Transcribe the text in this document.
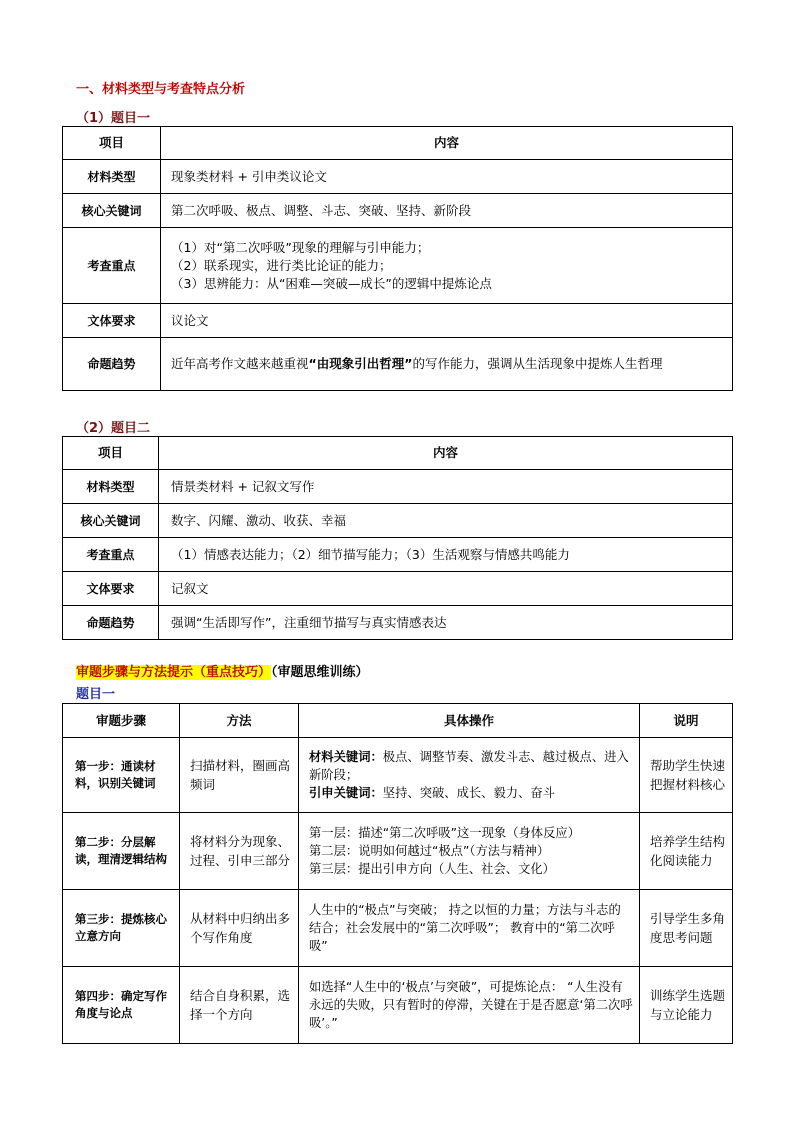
一、材料类型与考查特点分析
（1）题目一
项目	内容
材料类型	现象类材料 + 引申类议论文
核心关键词	第二次呼吸、极点、调整、斗志、突破、坚持、新阶段
考查重点	（1）对“第二次呼吸”现象的理解与引申能力；
（2）联系现实，进行类比论证的能力；
（3）思辨能力：从“困难—突破—成长”的逻辑中提炼论点

文体要求	议论文
命题趋势	近年高考作文越来越重视“由现象引出哲理”的写作能力，强调从生活现象中提炼人生哲理
（2）题目二
项目	内容
材料类型	情景类材料 + 记叙文写作
核心关键词	数字、闪耀、激动、收获、幸福
考查重点	（1）情感表达能力；（2）细节描写能力；（3）生活观察与情感共鸣能力
文体要求	记叙文
命题趋势	强调“生活即写作”，注重细节描写与真实情感表达
审题步骤与方法提示（重点技巧）（审题思维训练）
题目一
审题步骤	方法	具体操作	说明
第一步：通读材料，识别关键词	扫描材料，圈画高频词	材料关键词：极点、调整节奏、激发斗志、越过极点、进入新阶段；
引申关键词：坚持、突破、成长、毅力、奋斗	帮助学生快速把握材料核心
第二步：分层解读，理清逻辑结构	将材料分为现象、过程、引申三部分	第一层：描述“第二次呼吸”这一现象（身体反应）
第二层：说明如何越过“极点”（方法与精神）
第三层：提出引申方向（人生、社会、文化）	培养学生结构化阅读能力
第三步：提炼核心立意方向	从材料中归纳出多个写作角度	人生中的“极点”与突破； 持之以恒的力量；方法与斗志的结合；社会发展中的“第二次呼吸”； 教育中的“第二次呼吸”	引导学生多角度思考问题
第四步：确定写作角度与论点	结合自身积累，选择一个方向	如选择“人生中的‘极点’与突破”，可提炼论点： “人生没有永远的失败，只有暂时的停滞，关键在于是否愿意‘第二次呼吸’。”	训练学生选题与立论能力
